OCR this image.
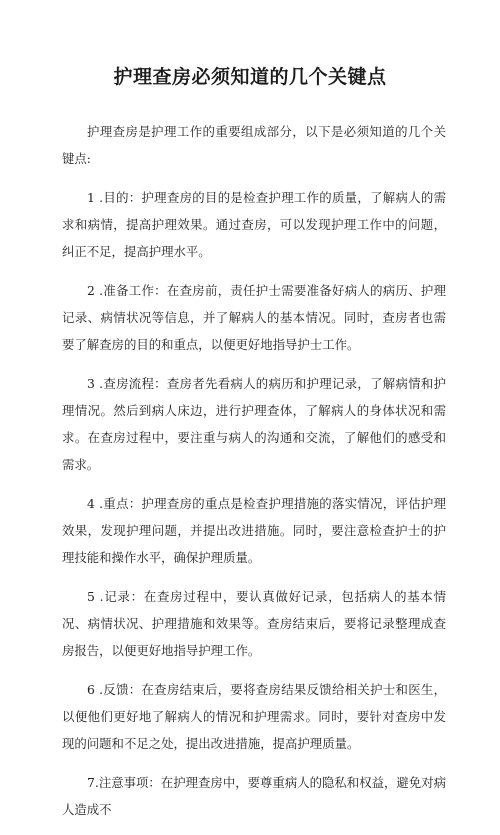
护理查房必须知道的几个关键点

护理查房是护理工作的重要组成部分，以下是必须知道的几个关键点:

1 .目的：护理查房的目的是检查护理工作的质量，了解病人的需求和病情，提高护理效果。通过查房，可以发现护理工作中的问题，纠正不足，提高护理水平。

2 .准备工作：在查房前，责任护士需要准备好病人的病历、护理记录、病情状况等信息，并了解病人的基本情况。同时，查房者也需要了解查房的目的和重点，以便更好地指导护士工作。

3 .查房流程：查房者先看病人的病历和护理记录，了解病情和护理情况。然后到病人床边，进行护理查体，了解病人的身体状况和需求。在查房过程中，要注重与病人的沟通和交流，了解他们的感受和需求。

4 .重点：护理查房的重点是检查护理措施的落实情况，评估护理效果，发现护理问题，并提出改进措施。同时，要注意检查护士的护理技能和操作水平，确保护理质量。

5 .记录：在查房过程中，要认真做好记录，包括病人的基本情况、病情状况、护理措施和效果等。查房结束后，要将记录整理成查房报告，以便更好地指导护理工作。

6 .反馈：在查房结束后，要将查房结果反馈给相关护士和医生，以便他们更好地了解病人的情况和护理需求。同时，要针对查房中发现的问题和不足之处，提出改进措施，提高护理质量。

7.注意事项：在护理查房中，要尊重病人的隐私和权益，避免对病人造成不
